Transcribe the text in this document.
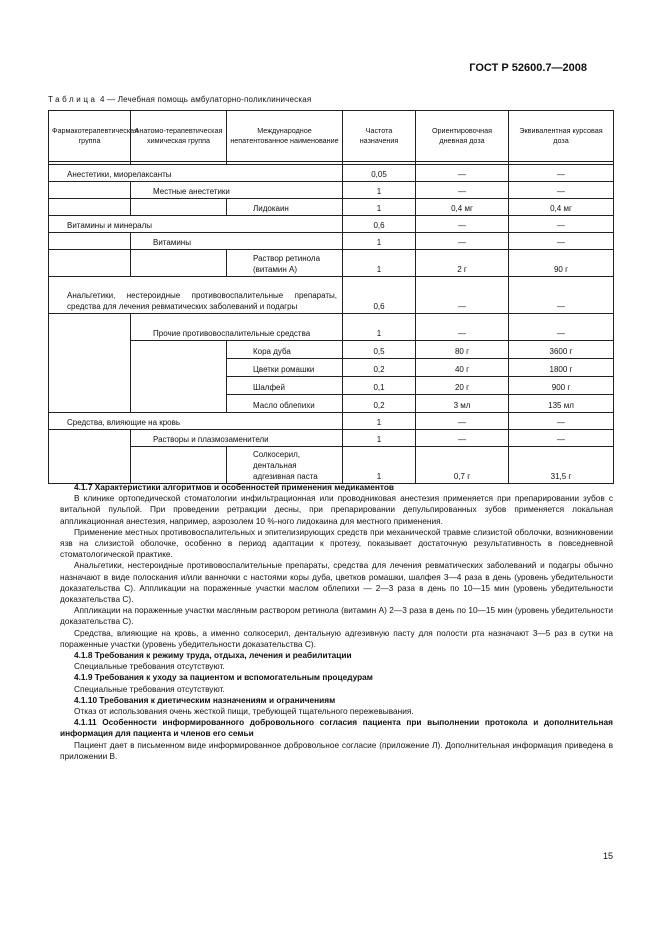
ГОСТ Р 52600.7—2008
Таблица 4 — Лечебная помощь амбулаторно-поликлиническая
Фармакотерапевтическая группа	Анатомо-терапевтическая химическая группа	Международное непатентованное наименование	Частота назначения	Ориентировочная дневная доза	Эквивалентная курсовая доза

Анестетики, миорелаксанты			0,05	—	—
	Местные анестетики		1	—	—
		Лидокаин	1	0,4 мг	0,4 мг
Витамины и минералы			0,6	—	—
	Витамины		1	—	—
		Раствор ретинола (витамин А)	1	2 г	90 г
Анальгетики, нестероидные противовоспалительные препараты, средства для лечения ревматических заболеваний и подагры			0,6	—	—
	Прочие противовоспалительные средства		1	—	—
		Кора дуба	0,5	80 г	3600 г
		Цветки ромашки	0,2	40 г	1800 г
		Шалфей	0,1	20 г	900 г
		Масло облепихи	0,2	3 мл	135 мл
Средства, влияющие на кровь			1	—	—
	Растворы и плазмозаменители		1	—	—
		Солкосерил, дентальная адгезивная паста	1	0,7 г	31,5 г

4.1.7 Характеристики алгоритмов и особенностей применения медикаментов

В клинике ортопедической стоматологии инфильтрационная или проводниковая анестезия применяется при препарировании зубов с витальной пульпой. При проведении ретракции десны, при препарировании депульпированных зубов применяется локальная аппликационная анестезия, например, аэрозолем 10 %-ного лидокаина для местного применения.

Применение местных противовоспалительных и эпителизирующих средств при механической травме слизистой оболочки, возникновении язв на слизистой оболочке, особенно в период адаптации к протезу, показывает достаточную результативность в повседневной стоматологической практике.

Анальгетики, нестероидные противовоспалительные препараты, средства для лечения ревматических заболеваний и подагры обычно назначают в виде полоскания и/или ванночки с настоями коры дуба, цветков ромашки, шалфея 3—4 раза в день (уровень убедительности доказательства С). Аппликации на пораженные участки маслом облепихи — 2—3 раза в день по 10—15 мин (уровень убедительности доказательства С).

Аппликации на пораженные участки масляным раствором ретинола (витамин А) 2—3 раза в день по 10—15 мин (уровень убедительности доказательства С).

Средства, влияющие на кровь, а именно солкосерил, дентальную адгезивную пасту для полости рта назначают 3—5 раз в сутки на пораженные участки (уровень убедительности доказательства С).

4.1.8 Требования к режиму труда, отдыха, лечения и реабилитации

Специальные требования отсутствуют.

4.1.9 Требования к уходу за пациентом и вспомогательным процедурам

Специальные требования отсутствуют.

4.1.10 Требования к диетическим назначениям и ограничениям

Отказ от использования очень жесткой пищи, требующей тщательного пережевывания.

4.1.11 Особенности информированного добровольного согласия пациента при выполнении протокола и дополнительная информация для пациента и членов его семьи

Пациент дает в письменном виде информированное добровольное согласие (приложение Л). Дополнительная информация приведена в приложении В.

15
